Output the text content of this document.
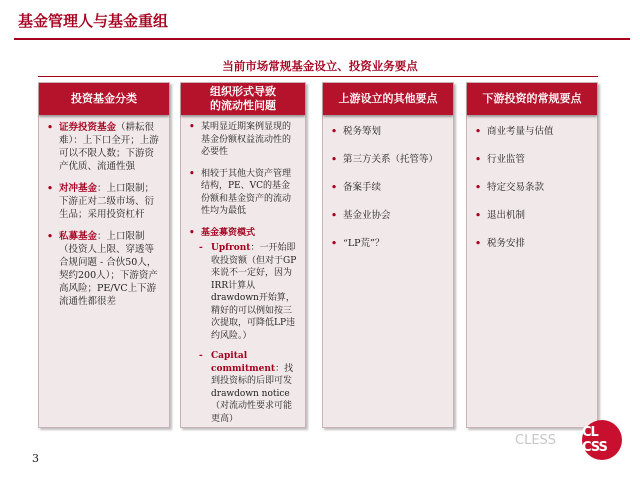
基金管理人与基金重组
当前市场常规基金设立、投资业务要点
投资基金分类
• 证券投资基金（耕耘很难）：上下口全开；上游可以不限人数；下游资产优质、流通性强
• 对冲基金：上口限制；下游正对二级市场、衍生品；采用投资杠杆
• 私募基金：上口限制（投资人上限、穿透等合规问题 - 合伙50人，契约200人）；下游资产高风险；PE/VC上下游流通性都很差
组织形式导致
的流动性问题
• 某明显近期案例显现的基金份额权益流动性的必要性
• 相较于其他大资产管理结构，PE、VC的基金份额和基金资产的流动性均为最低
• 基金募资模式
- Upfront：一开始即收投资额（但对于GP来说不一定好，因为IRR计算从drawdown开始算，精好的可以例如按三次提取，可降低LP违约风险。）
- Capital commitment：找到投资标的后即可发drawdown notice（对流动性要求可能更高）
上游设立的其他要点
• 税务筹划
• 第三方关系（托管等）
• 备案手续
• 基金业协会
• “LP荒”？
下游投资的常规要点
• 商业考量与估值
• 行业监管
• 特定交易条款
• 退出机制
• 税务安排
3
CLESS
CL CSS
